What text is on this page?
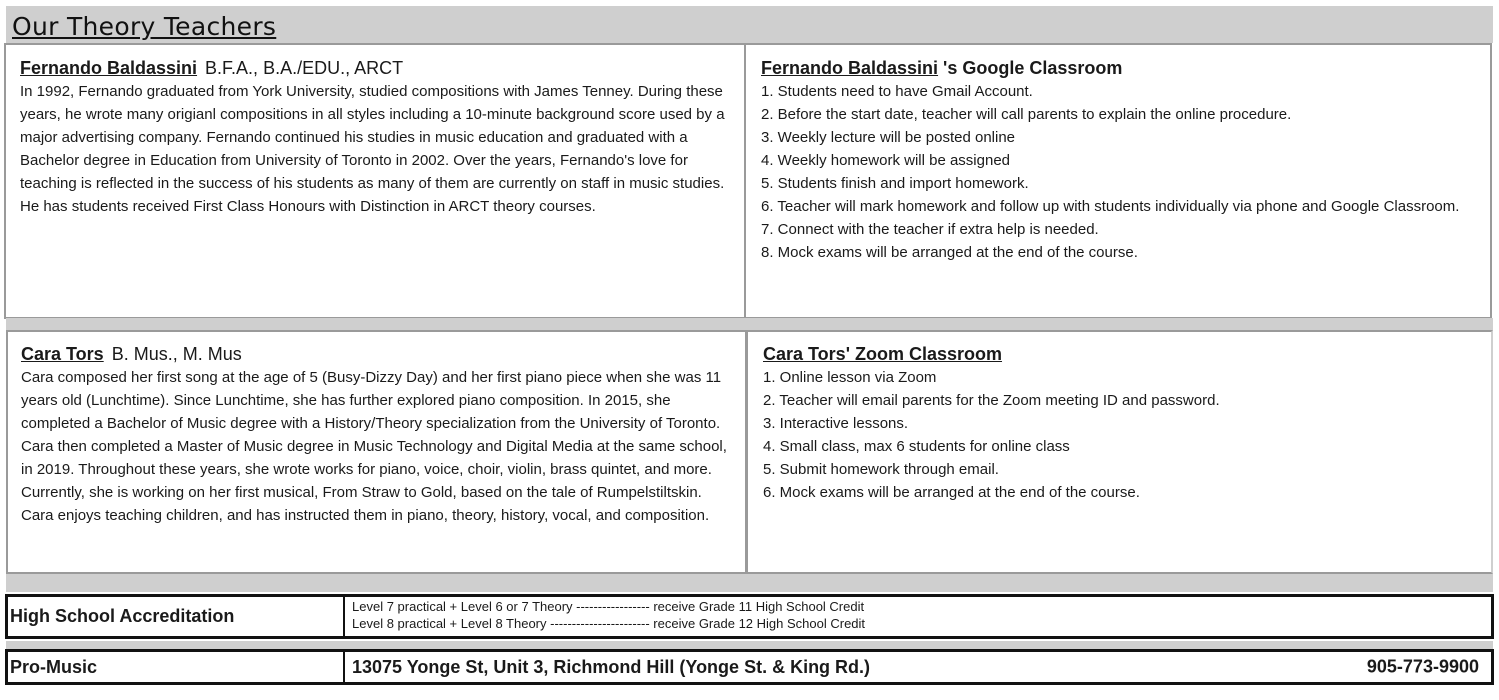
Our Theory Teachers
Fernando Baldassini B.F.A., B.A./EDU., ARCT
In 1992, Fernando graduated from York University, studied compositions with James Tenney. During these years, he wrote many origianl compositions in all styles including a 10-minute background score used by a major advertising company. Fernando continued his studies in music education and graduated with a Bachelor degree in Education from University of Toronto in 2002. Over the years, Fernando's love for teaching is reflected in the success of his students as many of them are currently on staff in music studies. He has students received First Class Honours with Distinction in ARCT theory courses.
Fernando Baldassini 's Google Classroom
1. Students need to have Gmail Account.
2. Before the start date, teacher will call parents to explain the online procedure.
3. Weekly lecture will be posted online
4. Weekly homework will be assigned
5. Students finish and import homework.
6. Teacher will mark homework and follow up with students individually via phone and Google Classroom.
7. Connect with the teacher if extra help is needed.
8. Mock exams will be arranged at the end of the course.
Cara Tors B. Mus., M. Mus
Cara composed her first song at the age of 5 (Busy-Dizzy Day) and her first piano piece when she was 11 years old (Lunchtime). Since Lunchtime, she has further explored piano composition. In 2015, she completed a Bachelor of Music degree with a History/Theory specialization from the University of Toronto. Cara then completed a Master of Music degree in Music Technology and Digital Media at the same school, in 2019. Throughout these years, she wrote works for piano, voice, choir, violin, brass quintet, and more. Currently, she is working on her first musical, From Straw to Gold, based on the tale of Rumpelstiltskin. Cara enjoys teaching children, and has instructed them in piano, theory, history, vocal, and composition.
Cara Tors' Zoom Classroom
1. Online lesson via Zoom
2. Teacher will email parents for the Zoom meeting ID and password.
3. Interactive lessons.
4. Small class, max 6 students for online class
5. Submit homework through email.
6. Mock exams will be arranged at the end of the course.
High School Accreditation	Level 7 practical + Level 6 or 7 Theory ----------------- receive Grade 11 High School Credit
Level 8 practical + Level 8 Theory ----------------------- receive Grade 12 High School Credit
Pro-Music	13075 Yonge St, Unit 3, Richmond Hill (Yonge St. & King Rd.)	905-773-9900
